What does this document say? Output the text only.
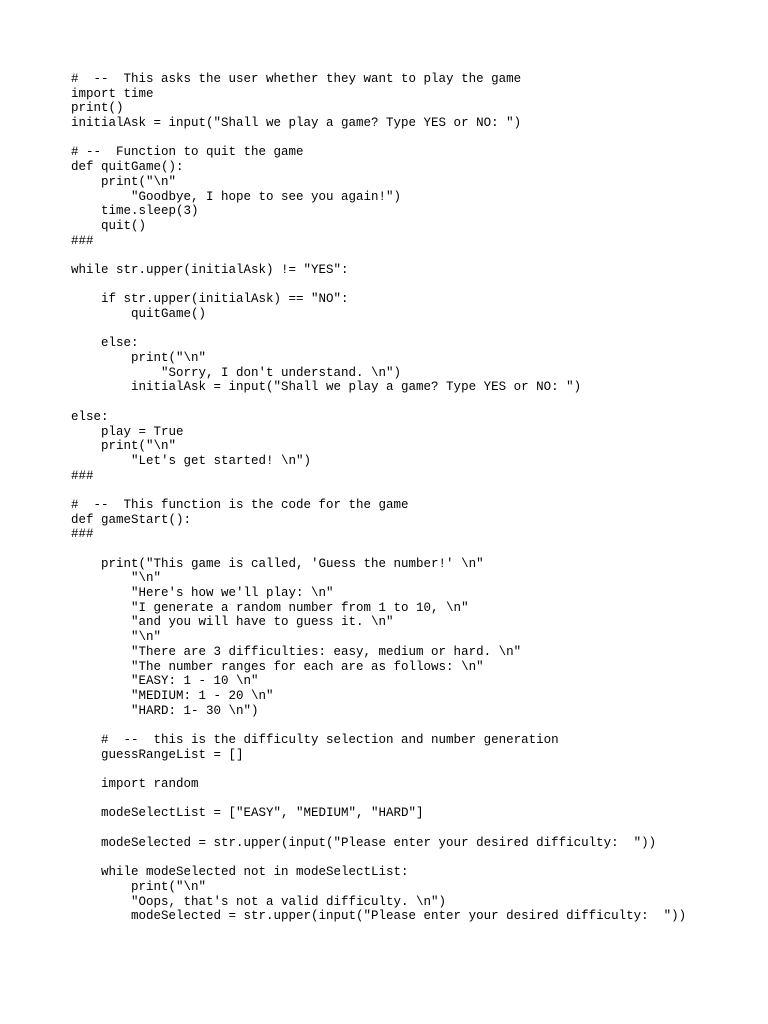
#  --  This asks the user whether they want to play the game
import time
print()
initialAsk = input("Shall we play a game? Type YES or NO: ")
# --  Function to quit the game
def quitGame():
print("\n"
"Goodbye, I hope to see you again!")
time.sleep(3)
quit()
###
while str.upper(initialAsk) != "YES":
if str.upper(initialAsk) == "NO":
quitGame()
else:
print("\n"
"Sorry, I don't understand. \n")
initialAsk = input("Shall we play a game? Type YES or NO: ")
else:
play = True
print("\n"
"Let's get started! \n")
###
#  --  This function is the code for the game
def gameStart():
###
print("This game is called, 'Guess the number!' \n"
"\n"
"Here's how we'll play: \n"
"I generate a random number from 1 to 10, \n"
"and you will have to guess it. \n"
"\n"
"There are 3 difficulties: easy, medium or hard. \n"
"The number ranges for each are as follows: \n"
"EASY: 1 - 10 \n"
"MEDIUM: 1 - 20 \n"
"HARD: 1- 30 \n")
#  --  this is the difficulty selection and number generation
guessRangeList = []
import random
modeSelectList = ["EASY", "MEDIUM", "HARD"]
modeSelected = str.upper(input("Please enter your desired difficulty:  "))
while modeSelected not in modeSelectList:
print("\n"
"Oops, that's not a valid difficulty. \n")
modeSelected = str.upper(input("Please enter your desired difficulty:  "))
